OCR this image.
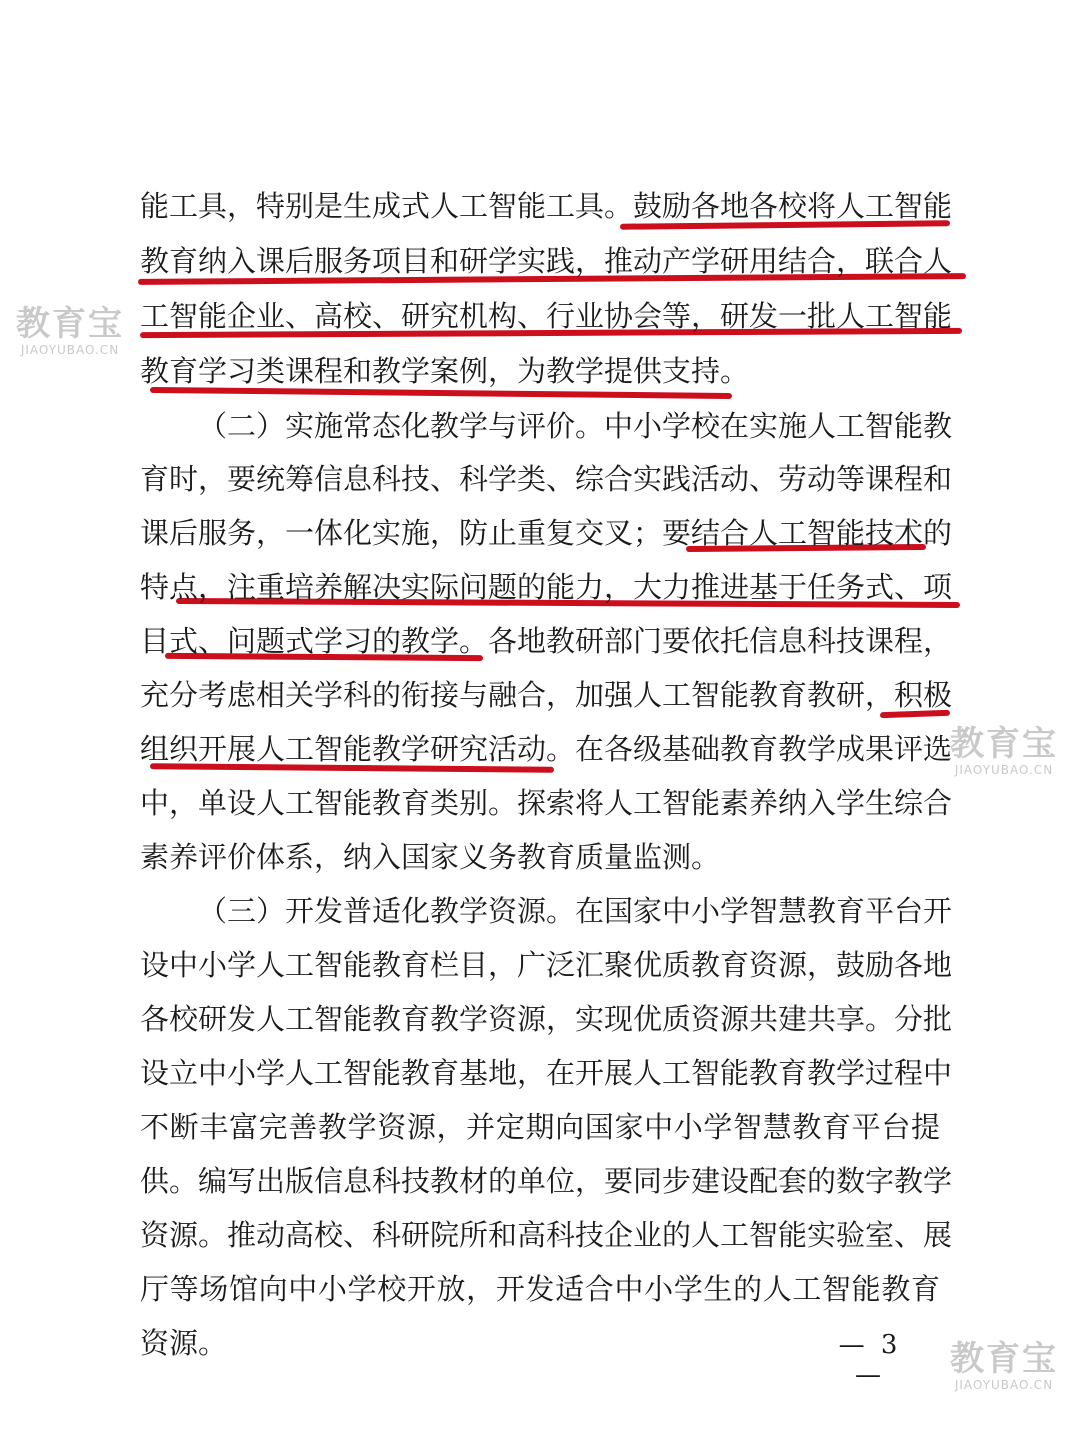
能工具，特别是生成式人工智能工具。鼓励各地各校将人工智能
教育纳入课后服务项目和研学实践，推动产学研用结合，联合人
工智能企业、高校、研究机构、行业协会等，研发一批人工智能
教育学习类课程和教学案例，为教学提供支持。
（二）实施常态化教学与评价。中小学校在实施人工智能教
育时，要统筹信息科技、科学类、综合实践活动、劳动等课程和
课后服务，一体化实施，防止重复交叉；要结合人工智能技术的
特点，注重培养解决实际问题的能力，大力推进基于任务式、项
目式、问题式学习的教学。各地教研部门要依托信息科技课程，
充分考虑相关学科的衔接与融合，加强人工智能教育教研，积极
组织开展人工智能教学研究活动。在各级基础教育教学成果评选
中，单设人工智能教育类别。探索将人工智能素养纳入学生综合
素养评价体系，纳入国家义务教育质量监测。
（三）开发普适化教学资源。在国家中小学智慧教育平台开
设中小学人工智能教育栏目，广泛汇聚优质教育资源，鼓励各地
各校研发人工智能教育教学资源，实现优质资源共建共享。分批
设立中小学人工智能教育基地，在开展人工智能教育教学过程中
不断丰富完善教学资源，并定期向国家中小学智慧教育平台提
供。编写出版信息科技教材的单位，要同步建设配套的数字教学
资源。推动高校、科研院所和高科技企业的人工智能实验室、展
厅等场馆向中小学校开放，开发适合中小学生的人工智能教育
资源。	— 3 —
教育宝
JIAOYUBAO.CN
教育宝
JIAOYUBAO.CN
教育宝
JIAOYUBAO.CN
